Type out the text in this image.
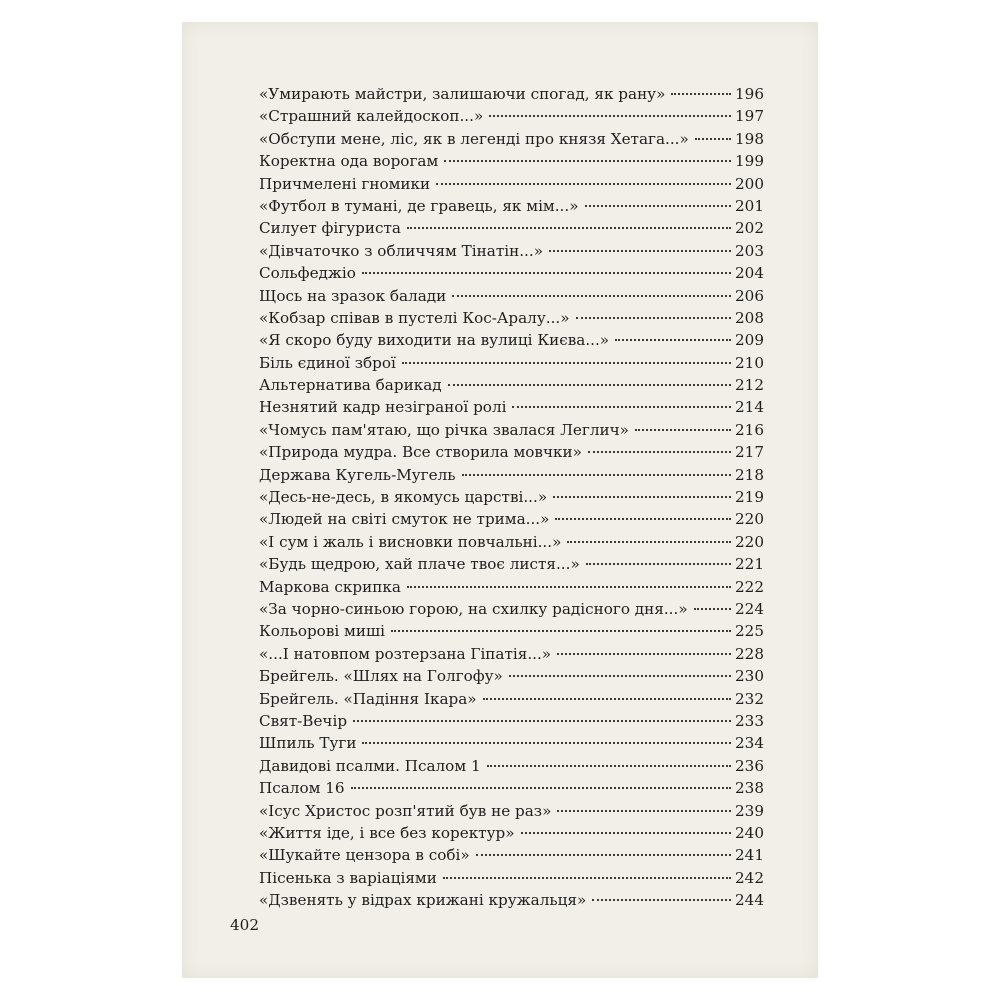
«Умирають майстри, залишаючи спогад, як рану»	196
«Страшний калейдоскоп...»	197
«Обступи мене, ліс, як в легенді про князя Хетага...»	198
Коректна ода ворогам	199
Причмелені гномики	200
«Футбол в тумані, де гравець, як мім...»	201
Силует фігуриста	202
«Дівчаточко з обличчям Тінатін...»	203
Сольфеджіо	204
Щось на зразок балади	206
«Кобзар співав в пустелі Кос-Аралу...»	208
«Я скоро буду виходити на вулиці Києва...»	209
Біль єдиної зброї	210
Альтернатива барикад	212
Незнятий кадр незіграної ролі	214
«Чомусь пам'ятаю, що річка звалася Леглич»	216
«Природа мудра. Все створила мовчки»	217
Держава Кугель-Мугель	218
«Десь-не-десь, в якомусь царстві...»	219
«Людей на світі смуток не трима...»	220
«І сум і жаль і висновки повчальні...»	220
«Будь щедрою, хай плаче твоє листя...»	221
Маркова скрипка	222
«За чорно-синьою горою, на схилку радісного дня...»	224
Кольорові миші	225
«...І натовпом розтерзана Гіпатія...»	228
Брейгель. «Шлях на Голгофу»	230
Брейгель. «Падіння Ікара»	232
Свят-Вечір	233
Шпиль Туги	234
Давидові псалми. Псалом 1	236
Псалом 16	238
«Ісус Христос розп'ятий був не раз»	239
«Життя іде, і все без коректур»	240
«Шукайте цензора в собі»	241
Пісенька з варіаціями	242
«Дзвенять у відрах крижані кружальця»	244
402
